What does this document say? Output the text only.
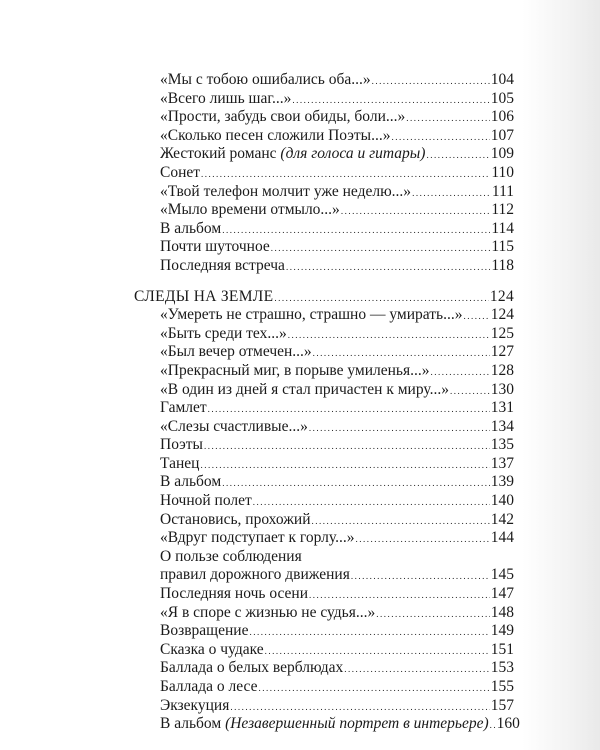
«Мы с тобою ошибались оба...» .....	104
«Всего лишь шаг...» .....	105
«Прости, забудь свои обиды, боли...» .....	106
«Сколько песен сложили Поэты...» .....	107
Жестокий романс (для голоса и гитары) .....	109
Сонет .....	110
«Твой телефон молчит уже неделю...» .....	111
«Мыло времени отмыло...» .....	112
В альбом .....	114
Почти шуточное .....	115
Последняя встреча .....	118
СЛЕДЫ НА ЗЕМЛЕ .....	124
«Умереть не страшно, страшно — умирать...» ..... 124
«Быть среди тех...» .....	125
«Был вечер отмечен...» .....	127
«Прекрасный миг, в порыве умиленья...» .....	128
«В один из дней я стал причастен к миру...» .....	130
Гамлет .....	131
«Слезы счастливые...» .....	134
Поэты .....	135
Танец .....	137
В альбом .....	139
Ночной полет .....	140
Остановись, прохожий .....	142
«Вдруг подступает к горлу...» .....	144
О пользе соблюдения
правил дорожного движения .....	145
Последняя ночь осени .....	147
«Я в споре с жизнью не судья...» .....	148
Возвращение .....	149
Сказка о чудаке .....	151
Баллада о белых верблюдах .....	153
Баллада о лесе .....	155
Экзекуция .....	157
В альбом (Незавершенный портрет в интерьере) ..... 160
